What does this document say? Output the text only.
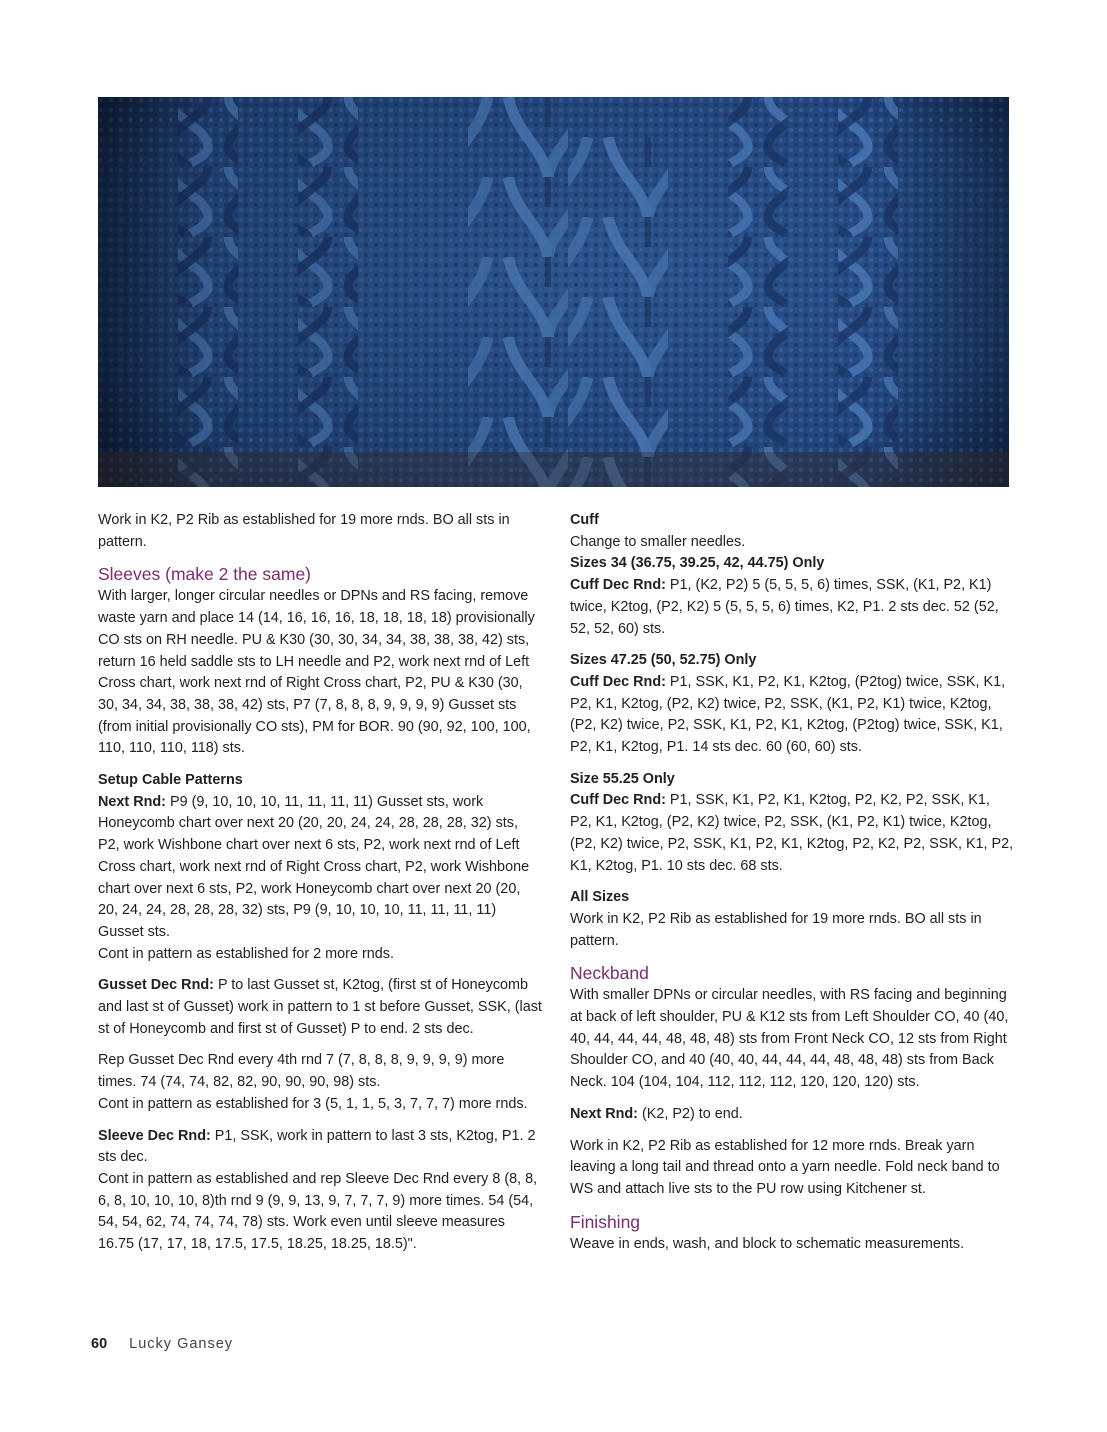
Work in K2, P2 Rib as established for 19 more rnds. BO all sts in pattern.

Sleeves (make 2 the same)

With larger, longer circular needles or DPNs and RS facing, remove waste yarn and place 14 (14, 16, 16, 16, 18, 18, 18, 18) provisionally CO sts on RH needle. PU & K30 (30, 30, 34, 34, 38, 38, 38, 42) sts, return 16 held saddle sts to LH needle and P2, work next rnd of Left Cross chart, work next rnd of Right Cross chart, P2, PU & K30 (30, 30, 34, 34, 38, 38, 38, 42) sts, P7 (7, 8, 8, 8, 9, 9, 9, 9) Gusset sts (from initial provisionally CO sts), PM for BOR. 90 (90, 92, 100, 100, 110, 110, 110, 118) sts.

Setup Cable Patterns

Next Rnd: P9 (9, 10, 10, 10, 11, 11, 11, 11) Gusset sts, work Honeycomb chart over next 20 (20, 20, 24, 24, 28, 28, 28, 32) sts, P2, work Wishbone chart over next 6 sts, P2, work next rnd of Left Cross chart, work next rnd of Right Cross chart, P2, work Wishbone chart over next 6 sts, P2, work Honeycomb chart over next 20 (20, 20, 24, 24, 28, 28, 28, 32) sts, P9 (9, 10, 10, 10, 11, 11, 11, 11) Gusset sts.

Cont in pattern as established for 2 more rnds.

Gusset Dec Rnd: P to last Gusset st, K2tog, (first st of Honeycomb and last st of Gusset) work in pattern to 1 st before Gusset, SSK, (last st of Honeycomb and first st of Gusset) P to end. 2 sts dec.

Rep Gusset Dec Rnd every 4th rnd 7 (7, 8, 8, 8, 9, 9, 9, 9) more times. 74 (74, 74, 82, 82, 90, 90, 90, 98) sts.

Cont in pattern as established for 3 (5, 1, 1, 5, 3, 7, 7, 7) more rnds.

Sleeve Dec Rnd: P1, SSK, work in pattern to last 3 sts, K2tog, P1. 2 sts dec.

Cont in pattern as established and rep Sleeve Dec Rnd every 8 (8, 8, 6, 8, 10, 10, 10, 8)th rnd 9 (9, 9, 13, 9, 7, 7, 7, 9) more times. 54 (54, 54, 54, 62, 74, 74, 74, 78) sts. Work even until sleeve measures 16.75 (17, 17, 18, 17.5, 17.5, 18.25, 18.25, 18.5)".

Cuff

Change to smaller needles.

Sizes 34 (36.75, 39.25, 42, 44.75) Only

Cuff Dec Rnd: P1, (K2, P2) 5 (5, 5, 5, 6) times, SSK, (K1, P2, K1) twice, K2tog, (P2, K2) 5 (5, 5, 5, 6) times, K2, P1. 2 sts dec. 52 (52, 52, 52, 60) sts.

Sizes 47.25 (50, 52.75) Only

Cuff Dec Rnd: P1, SSK, K1, P2, K1, K2tog, (P2tog) twice, SSK, K1, P2, K1, K2tog, (P2, K2) twice, P2, SSK, (K1, P2, K1) twice, K2tog, (P2, K2) twice, P2, SSK, K1, P2, K1, K2tog, (P2tog) twice, SSK, K1, P2, K1, K2tog, P1. 14 sts dec. 60 (60, 60) sts.

Size 55.25 Only

Cuff Dec Rnd: P1, SSK, K1, P2, K1, K2tog, P2, K2, P2, SSK, K1, P2, K1, K2tog, (P2, K2) twice, P2, SSK, (K1, P2, K1) twice, K2tog, (P2, K2) twice, P2, SSK, K1, P2, K1, K2tog, P2, K2, P2, SSK, K1, P2, K1, K2tog, P1. 10 sts dec. 68 sts.

All Sizes

Work in K2, P2 Rib as established for 19 more rnds. BO all sts in pattern.

Neckband

With smaller DPNs or circular needles, with RS facing and beginning at back of left shoulder, PU & K12 sts from Left Shoulder CO, 40 (40, 40, 44, 44, 44, 48, 48, 48) sts from Front Neck CO, 12 sts from Right Shoulder CO, and 40 (40, 40, 44, 44, 44, 48, 48, 48) sts from Back Neck. 104 (104, 104, 112, 112, 112, 120, 120, 120) sts.

Next Rnd: (K2, P2) to end.

Work in K2, P2 Rib as established for 12 more rnds. Break yarn leaving a long tail and thread onto a yarn needle. Fold neck band to WS and attach live sts to the PU row using Kitchener st.

Finishing

Weave in ends, wash, and block to schematic measurements.

60 Lucky Gansey
